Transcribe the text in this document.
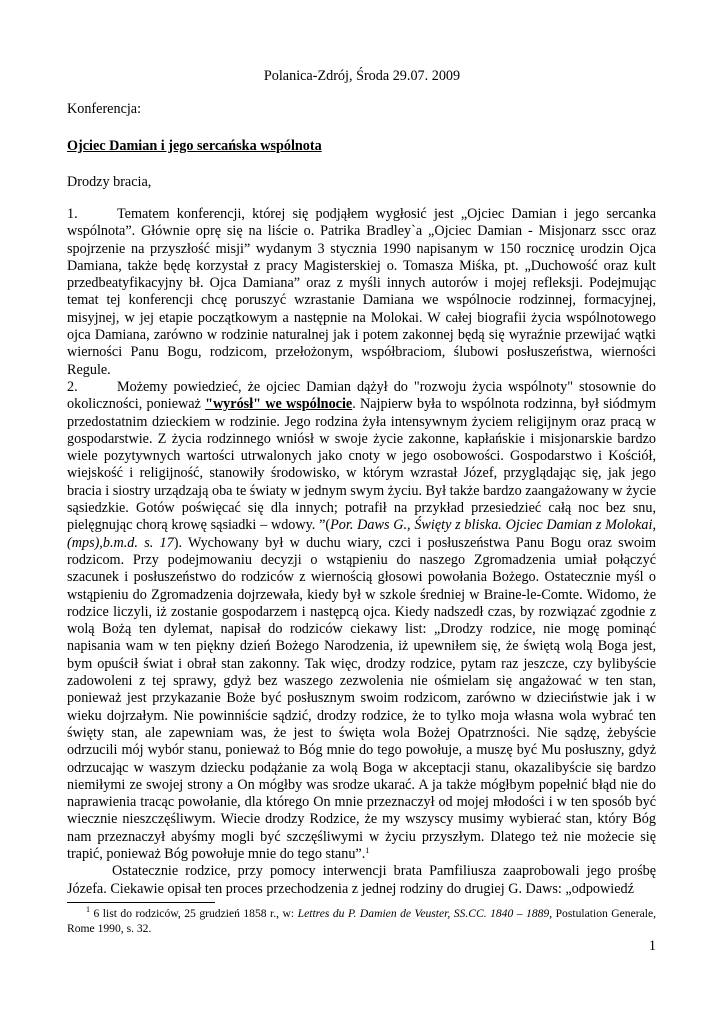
Polanica-Zdrój, Środa 29.07. 2009
Konferencja:
Ojciec Damian i jego sercańska wspólnota
Drodzy bracia,

1.	Tematem konferencji, której się podjąłem wygłosić jest „Ojciec Damian i jego sercanka wspólnota”. Głównie oprę się na liście o. Patrika Bradley`a „Ojciec Damian - Misjonarz sscc oraz spojrzenie na przyszłość misji” wydanym 3 stycznia 1990 napisanym w 150 rocznicę urodzin Ojca Damiana, także będę korzystał z pracy Magisterskiej o. Tomasza Miśka, pt. „Duchowość oraz kult przedbeatyfikacyjny bł. Ojca Damiana” oraz z myśli innych autorów i mojej refleksji. Podejmując temat tej konferencji chcę poruszyć wzrastanie Damiana we wspólnocie rodzinnej, formacyjnej, misyjnej, w jej etapie początkowym a następnie na Molokai. W całej biografii życia wspólnotowego ojca Damiana, zarówno w rodzinie naturalnej jak i potem zakonnej będą się wyraźnie przewijać wątki wierności Panu Bogu, rodzicom, przełożonym, współbraciom, ślubowi posłuszeństwa, wierności Regule.

2.	Możemy powiedzieć, że ojciec Damian dążył do "rozwoju życia wspólnoty" stosownie do okoliczności, ponieważ "wyrósł" we wspólnocie. Najpierw była to wspólnota rodzinna, był siódmym przedostatnim dzieckiem w rodzinie. Jego rodzina żyła intensywnym życiem religijnym oraz pracą w gospodarstwie. Z życia rodzinnego wniósł w swoje życie zakonne, kapłańskie i misjonarskie bardzo wiele pozytywnych wartości utrwalonych jako cnoty w jego osobowości. Gospodarstwo i Kościół, wiejskość i religijność, stanowiły środowisko, w którym wzrastał Józef, przyglądając się, jak jego bracia i siostry urządzają oba te światy w jednym swym życiu. Był także bardzo zaangażowany w życie sąsiedzkie. Gotów poświęcać się dla innych; potrafił na przykład przesiedzieć całą noc bez snu, pielęgnując chorą krowę sąsiadki – wdowy. ”(Por. Daws G., Święty z bliska. Ojciec Damian z Molokai, (mps),b.m.d. s. 17). Wychowany był w duchu wiary, czci i posłuszeństwa Panu Bogu oraz swoim rodzicom. Przy podejmowaniu decyzji o wstąpieniu do naszego Zgromadzenia umiał połączyć szacunek i posłuszeństwo do rodziców z wiernością głosowi powołania Bożego. Ostatecznie myśl o wstąpieniu do Zgromadzenia dojrzewała, kiedy był w szkole średniej w Braine-le-Comte. Widomo, że rodzice liczyli, iż zostanie gospodarzem i następcą ojca. Kiedy nadszedł czas, by rozwiązać zgodnie z wolą Bożą ten dylemat, napisał do rodziców ciekawy list: „Drodzy rodzice, nie mogę pominąć napisania wam w ten piękny dzień Bożego Narodzenia, iż upewniłem się, że świętą wolą Boga jest, bym opuścił świat i obrał stan zakonny. Tak więc, drodzy rodzice, pytam raz jeszcze, czy bylibyście zadowoleni z tej sprawy, gdyż bez waszego zezwolenia nie ośmielam się angażować w ten stan, ponieważ jest przykazanie Boże być posłusznym swoim rodzicom, zarówno w dzieciństwie jak i w wieku dojrzałym. Nie powinniście sądzić, drodzy rodzice, że to tylko moja własna wola wybrać ten święty stan, ale zapewniam was, że jest to święta wola Bożej Opatrzności. Nie sądzę, żebyście odrzucili mój wybór stanu, ponieważ to Bóg mnie do tego powołuje, a muszę być Mu posłuszny, gdyż odrzucając w waszym dziecku podążanie za wolą Boga w akceptacji stanu, okazalibyście się bardzo niemiłymi ze swojej strony a On mógłby was srodze ukarać. A ja także mógłbym popełnić błąd nie do naprawienia tracąc powołanie, dla którego On mnie przeznaczył od mojej młodości i w ten sposób być wiecznie nieszczęśliwym. Wiecie drodzy Rodzice, że my wszyscy musimy wybierać stan, który Bóg nam przeznaczył abyśmy mogli być szczęśliwymi w życiu przyszłym. Dlatego też nie możecie się trapić, ponieważ Bóg powołuje mnie do tego stanu”.$^1$

Ostatecznie rodzice, przy pomocy interwencji brata Pamfiliusza zaaprobowali jego prośbę Józefa. Ciekawie opisał ten proces przechodzenia z jednej rodziny do drugiej G. Daws: „odpowiedź

$^1$ 6 list do rodziców, 25 grudzień 1858 r., w: Lettres du P. Damien de Veuster, SS.CC. 1840 – 1889, Postulation Generale, Rome 1990, s. 32.
1
